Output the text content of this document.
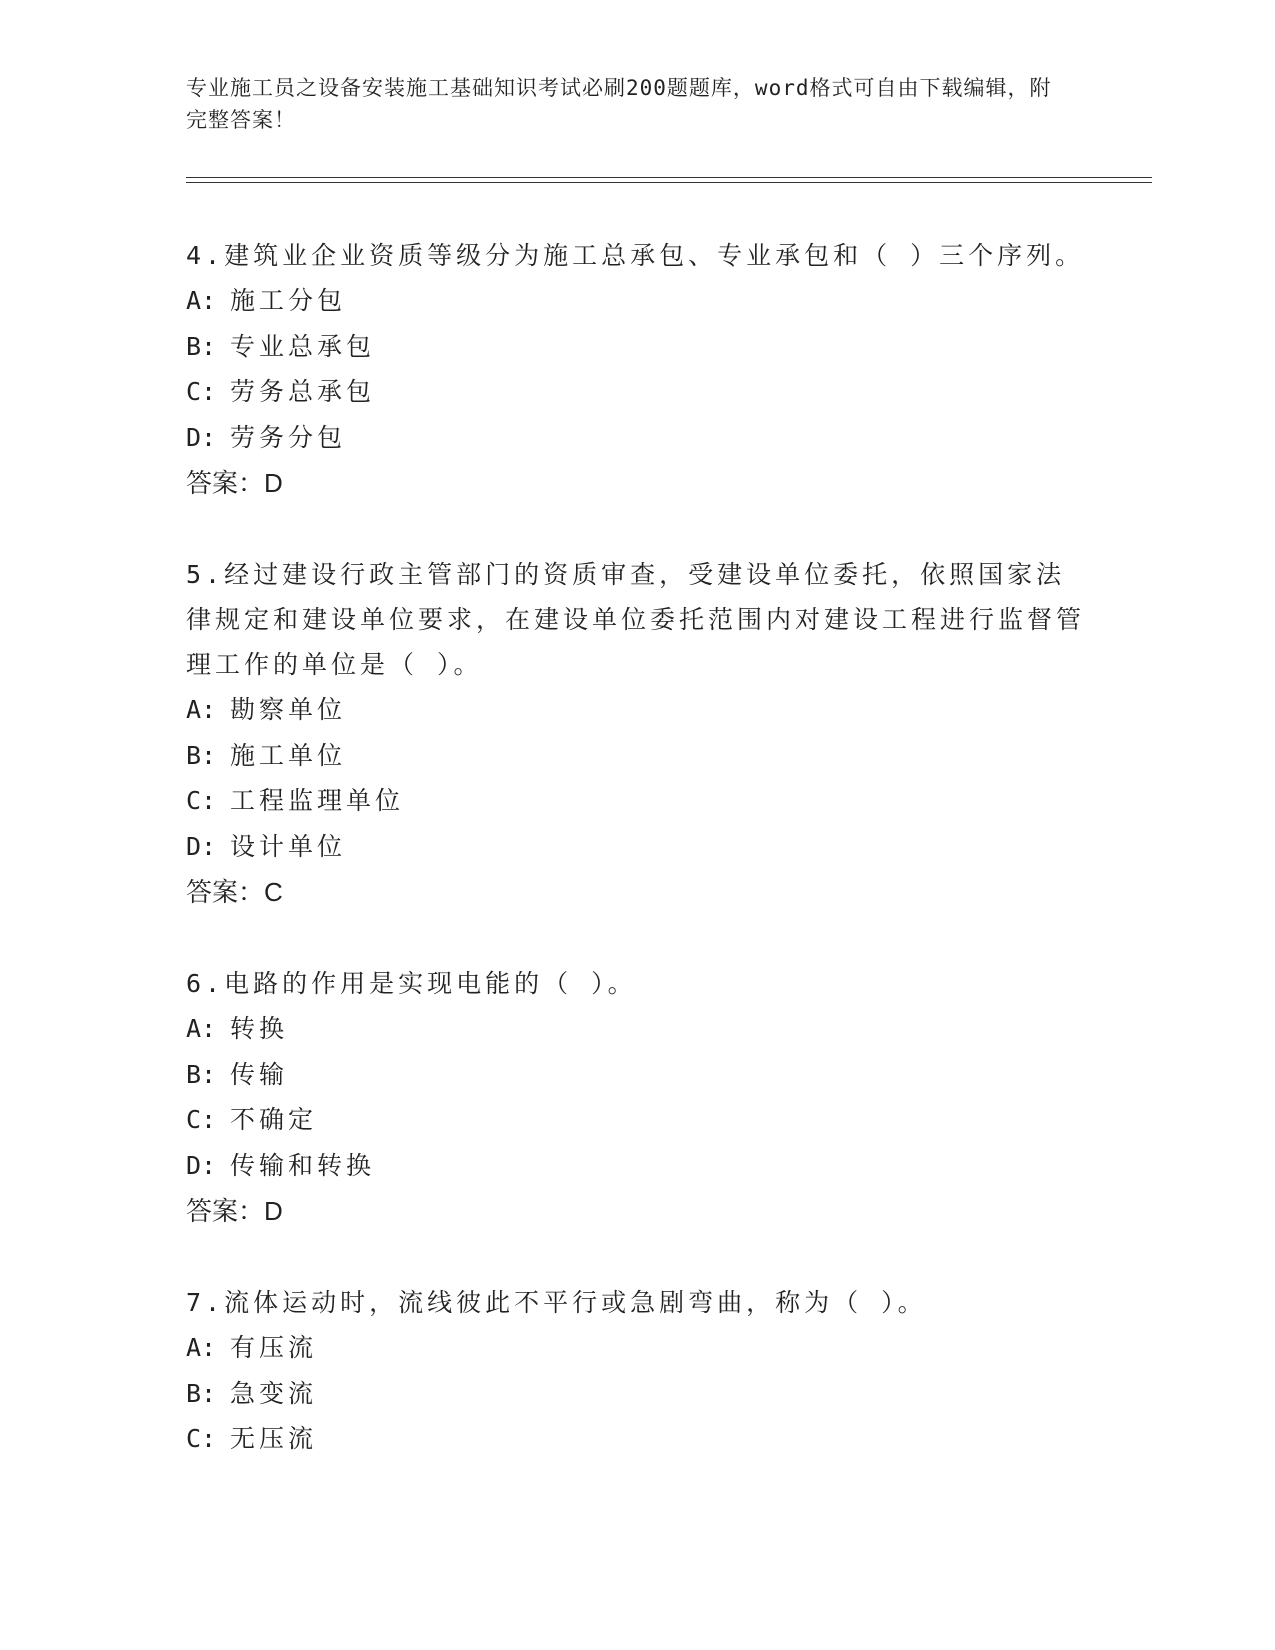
专业施工员之设备安装施工基础知识考试必刷200题题库，word格式可自由下载编辑，附完整答案！

4.建筑业企业资质等级分为施工总承包、专业承包和（ ）三个序列。

A: 施工分包

B: 专业总承包

C: 劳务总承包

D: 劳务分包

答案：D

5.经过建设行政主管部门的资质审查，受建设单位委托，依照国家法律规定和建设单位要求，在建设单位委托范围内对建设工程进行监督管理工作的单位是（ ）。

A: 勘察单位

B: 施工单位

C: 工程监理单位

D: 设计单位

答案：C

6.电路的作用是实现电能的（ ）。

A: 转换

B: 传输

C: 不确定

D: 传输和转换

答案：D

7.流体运动时，流线彼此不平行或急剧弯曲，称为（ ）。

A: 有压流

B: 急变流

C: 无压流
